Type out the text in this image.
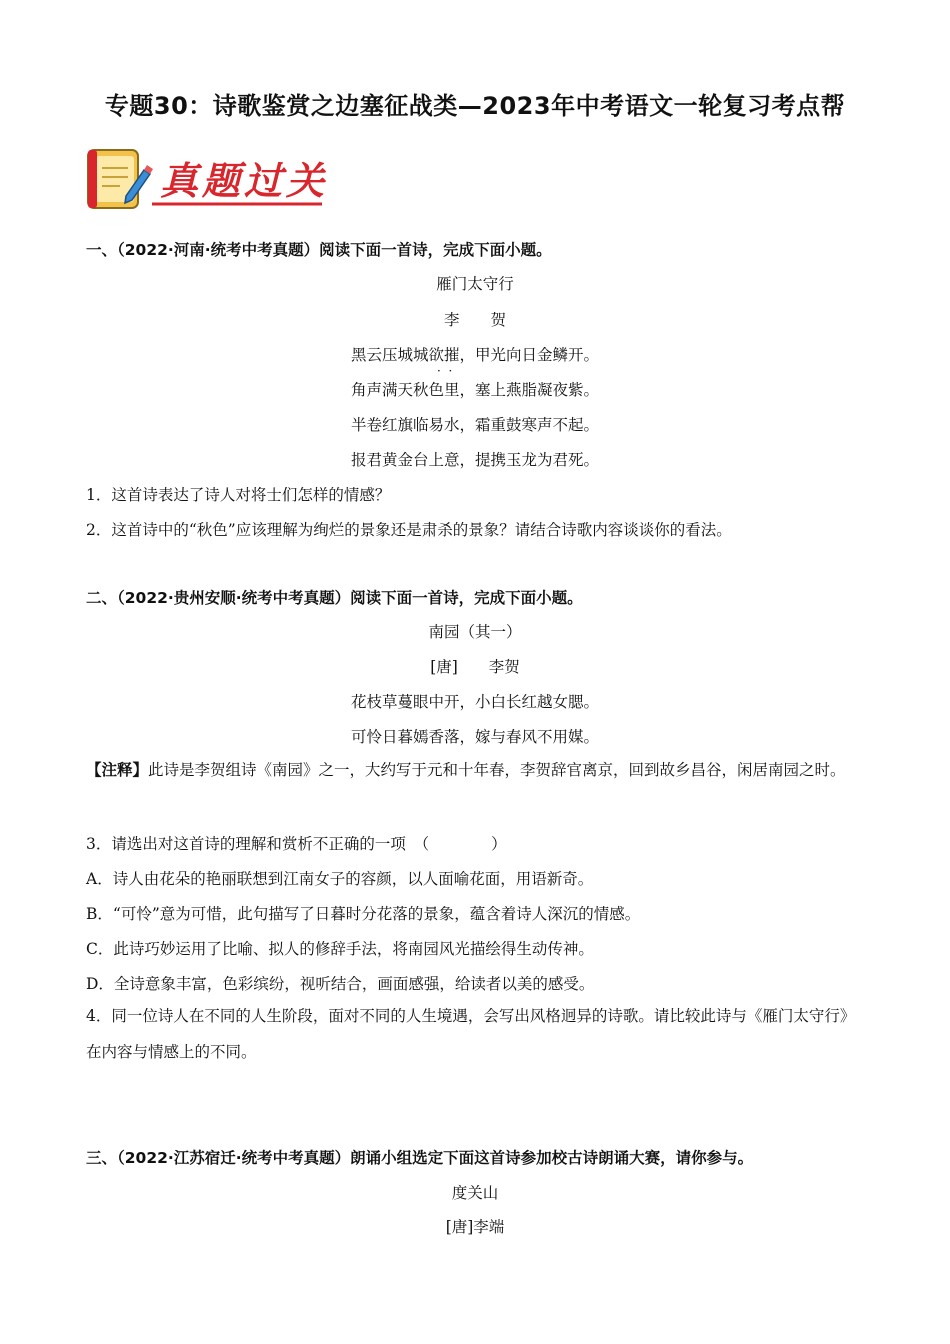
专题30：诗歌鉴赏之边塞征战类—2023年中考语文一轮复习考点帮
真题过关
一、（2022·河南·统考中考真题）阅读下面一首诗，完成下面小题。
雁门太守行
李　　贺
黑云压城城欲摧，甲光向日金鳞开。
·  ·
角声满天秋色里，塞上燕脂凝夜紫。
半卷红旗临易水，霜重鼓寒声不起。
报君黄金台上意，提携玉龙为君死。
1．这首诗表达了诗人对将士们怎样的情感？
2．这首诗中的“秋色”应该理解为绚烂的景象还是肃杀的景象？请结合诗歌内容谈谈你的看法。
二、（2022·贵州安顺·统考中考真题）阅读下面一首诗，完成下面小题。
南园（其一）
[唐]　　李贺
花枝草蔓眼中开，小白长红越女腮。
可怜日暮嫣香落，嫁与春风不用媒。
【注释】此诗是李贺组诗《南园》之一，大约写于元和十年春，李贺辞官离京，回到故乡昌谷，闲居南园之时。
3．请选出对这首诗的理解和赏析不正确的一项　（　　　　）
A．诗人由花朵的艳丽联想到江南女子的容颜，以人面喻花面，用语新奇。
B．“可怜”意为可惜，此句描写了日暮时分花落的景象，蕴含着诗人深沉的情感。
C．此诗巧妙运用了比喻、拟人的修辞手法，将南园风光描绘得生动传神。
D．全诗意象丰富，色彩缤纷，视听结合，画面感强，给读者以美的感受。
4．同一位诗人在不同的人生阶段，面对不同的人生境遇，会写出风格迥异的诗歌。请比较此诗与《雁门太守行》在内容与情感上的不同。
三、（2022·江苏宿迁·统考中考真题）朗诵小组选定下面这首诗参加校古诗朗诵大赛，请你参与。
度关山
[唐]李端
